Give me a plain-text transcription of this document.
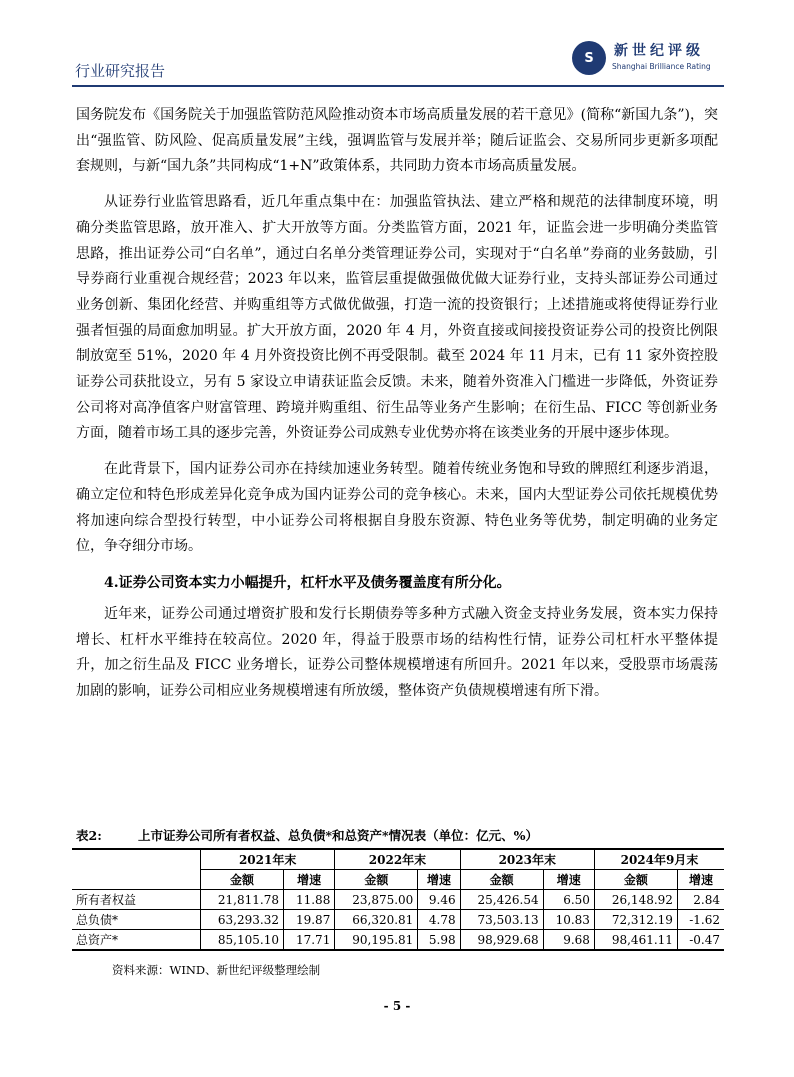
行业研究报告
S	新世纪评级
Shanghai Brilliance Rating

国务院发布《国务院关于加强监管防范风险推动资本市场高质量发展的若干意见》(简称“新国九条”)，突出“强监管、防风险、促高质量发展”主线，强调监管与发展并举；随后证监会、交易所同步更新多项配套规则，与新“国九条”共同构成“1+N”政策体系，共同助力资本市场高质量发展。

从证券行业监管思路看，近几年重点集中在：加强监管执法、建立严格和规范的法律制度环境，明确分类监管思路，放开准入、扩大开放等方面。分类监管方面，2021 年，证监会进一步明确分类监管思路，推出证券公司“白名单”，通过白名单分类管理证券公司，实现对于“白名单”券商的业务鼓励，引导券商行业重视合规经营；2023 年以来，监管层重提做强做优做大证券行业，支持头部证券公司通过业务创新、集团化经营、并购重组等方式做优做强，打造一流的投资银行；上述措施或将使得证券行业强者恒强的局面愈加明显。扩大开放方面，2020 年 4 月，外资直接或间接投资证券公司的投资比例限制放宽至 51%，2020 年 4 月外资投资比例不再受限制。截至 2024 年 11 月末，已有 11 家外资控股证券公司获批设立，另有 5 家设立申请获证监会反馈。未来，随着外资准入门槛进一步降低，外资证券公司将对高净值客户财富管理、跨境并购重组、衍生品等业务产生影响；在衍生品、FICC 等创新业务方面，随着市场工具的逐步完善，外资证券公司成熟专业优势亦将在该类业务的开展中逐步体现。

在此背景下，国内证券公司亦在持续加速业务转型。随着传统业务饱和导致的牌照红利逐步消退，确立定位和特色形成差异化竞争成为国内证券公司的竞争核心。未来，国内大型证券公司依托规模优势将加速向综合型投行转型，中小证券公司将根据自身股东资源、特色业务等优势，制定明确的业务定位，争夺细分市场。

4.证券公司资本实力小幅提升，杠杆水平及债务覆盖度有所分化。

近年来，证券公司通过增资扩股和发行长期债券等多种方式融入资金支持业务发展，资本实力保持增长、杠杆水平维持在较高位。2020 年，得益于股票市场的结构性行情，证券公司杠杆水平整体提升，加之衍生品及 FICC 业务增长，证券公司整体规模增速有所回升。2021 年以来，受股票市场震荡加剧的影响，证券公司相应业务规模增速有所放缓，整体资产负债规模增速有所下滑。

表2:	上市证券公司所有者权益、总负债*和总资产*情况表（单位：亿元、%）
	2021年末		2022年末		2023年末		2024年9月末	
	金额	增速	金额	增速	金额	增速	金额	增速
所有者权益	21,811.78	11.88	23,875.00	9.46	25,426.54	6.50	26,148.92	2.84
总负债*	63,293.32	19.87	66,320.81	4.78	73,503.13	10.83	72,312.19	-1.62
总资产*	85,105.10	17.71	90,195.81	5.98	98,929.68	9.68	98,461.11	-0.47
资料来源：WIND、新世纪评级整理绘制
- 5 -
